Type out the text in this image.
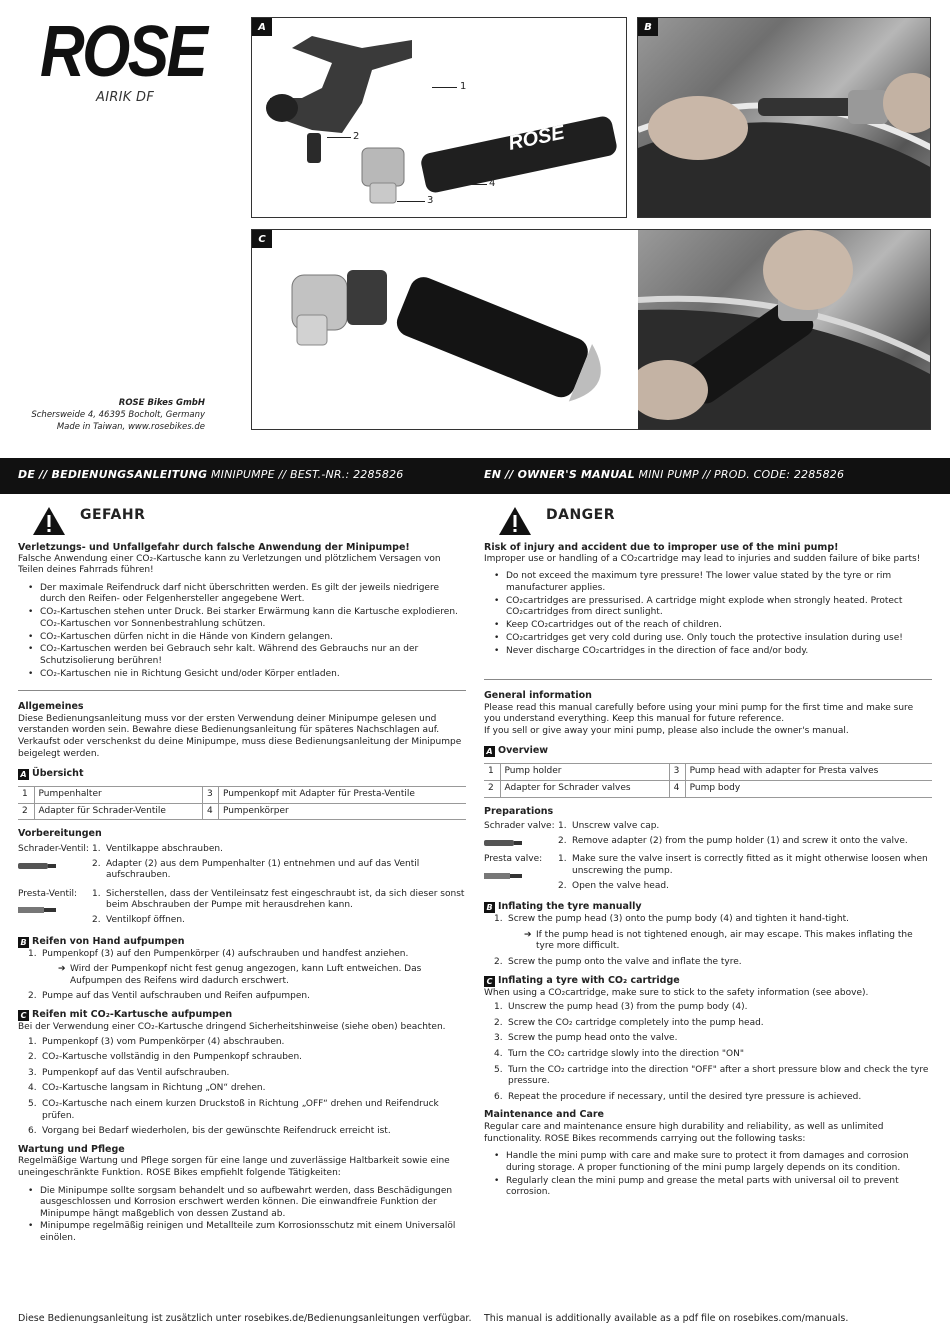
ROSE
AIRIK DF
ROSE Bikes GmbH
Schersweide 4, 46395 Bocholt, Germany
Made in Taiwan, www.rosebikes.de
A
ROSE
1
2
3
4
B
C
DE // BEDIENUNGSANLEITUNG MINIPUMPE // BEST.-NR.: 2285826	EN // OWNER'S MANUAL MINI PUMP // PROD. CODE: 2285826
GEFAHR
Verletzungs- und Unfallgefahr durch falsche Anwendung der Minipumpe!
Falsche Anwendung einer CO₂-Kartusche kann zu Verletzungen und plötzlichem Versagen von Teilen deines Fahrrads führen!
• Der maximale Reifendruck darf nicht überschritten werden. Es gilt der jeweils niedrigere durch den Reifen- oder Felgenhersteller angegebene Wert.
• CO₂-Kartuschen stehen unter Druck. Bei starker Erwärmung kann die Kartusche explodieren. CO₂-Kartuschen vor Sonnenbestrahlung schützen.
• CO₂-Kartuschen dürfen nicht in die Hände von Kindern gelangen.
• CO₂-Kartuschen werden bei Gebrauch sehr kalt. Während des Gebrauchs nur an der Schutzisolierung berühren!
• CO₂-Kartuschen nie in Richtung Gesicht und/oder Körper entladen.
Allgemeines
Diese Bedienungsanleitung muss vor der ersten Verwendung deiner Minipumpe gelesen und verstanden worden sein. Bewahre diese Bedienungsanleitung für späteres Nachschlagen auf. Verkaufst oder verschenkst du deine Minipumpe, muss diese Bedienungsanleitung der Minipumpe beigelegt werden.
A Übersicht
1	Pumpenhalter	3	Pumpenkopf mit Adapter für Presta-Ventile
2	Adapter für Schrader-Ventile	4	Pumpenkörper
Vorbereitungen
Schrader-Ventil: 1. Ventilkappe abschrauben.
2. Adapter (2) aus dem Pumpenhalter (1) entnehmen und auf das Ventil aufschrauben.
Presta-Ventil:	1. Sicherstellen, dass der Ventileinsatz fest eingeschraubt ist, da sich dieser sonst beim Abschrauben der Pumpe mit herausdrehen kann.
2. Ventilkopf öffnen.
B Reifen von Hand aufpumpen
1. Pumpenkopf (3) auf den Pumpenkörper (4) aufschrauben und handfest anziehen.
➔ Wird der Pumpenkopf nicht fest genug angezogen, kann Luft entweichen. Das Aufpumpen des Reifens wird dadurch erschwert.
2. Pumpe auf das Ventil aufschrauben und Reifen aufpumpen.
C Reifen mit CO₂-Kartusche aufpumpen
Bei der Verwendung einer CO₂-Kartusche dringend Sicherheitshinweise (siehe oben) beachten.
1. Pumpenkopf (3) vom Pumpenkörper (4) abschrauben.
2. CO₂-Kartusche vollständig in den Pumpenkopf schrauben.
3. Pumpenkopf auf das Ventil aufschrauben.
4. CO₂-Kartusche langsam in Richtung „ON“ drehen.
5. CO₂-Kartusche nach einem kurzen Druckstoß in Richtung „OFF“ drehen und Reifendruck prüfen.
6. Vorgang bei Bedarf wiederholen, bis der gewünschte Reifendruck erreicht ist.
Wartung und Pflege
Regelmäßige Wartung und Pflege sorgen für eine lange und zuverlässige Haltbarkeit sowie eine uneingeschränkte Funktion. ROSE Bikes empfiehlt folgende Tätigkeiten:
• Die Minipumpe sollte sorgsam behandelt und so aufbewahrt werden, dass Beschädigungen ausgeschlossen und Korrosion erschwert werden können. Die einwandfreie Funktion der Minipumpe hängt maßgeblich von dessen Zustand ab.
• Minipumpe regelmäßig reinigen und Metallteile zum Korrosionsschutz mit einem Universalöl einölen.
DANGER
Risk of injury and accident due to improper use of the mini pump!
Improper use or handling of a CO₂cartridge may lead to injuries and sudden failure of bike parts!
• Do not exceed the maximum tyre pressure! The lower value stated by the tyre or rim manufacturer applies.
• CO₂cartridges are pressurised. A cartridge might explode when strongly heated. Protect CO₂cartridges from direct sunlight.
• Keep CO₂cartridges out of the reach of children.
• CO₂cartridges get very cold during use. Only touch the protective insulation during use!
• Never discharge CO₂cartridges in the direction of face and/or body.
General information
Please read this manual carefully before using your mini pump for the first time and make sure you understand everything. Keep this manual for future reference.
If you sell or give away your mini pump, please also include the owner's manual.
A Overview
1	Pump holder	3	Pump head with adapter for Presta valves
2	Adapter for Schrader valves	4	Pump body
Preparations
Schrader valve: 1. Unscrew valve cap.
2. Remove adapter (2) from the pump holder (1) and screw it onto the valve.
Presta valve:	1. Make sure the valve insert is correctly fitted as it might otherwise loosen when unscrewing the pump.
2. Open the valve head.
B Inflating the tyre manually
1. Screw the pump head (3) onto the pump body (4) and tighten it hand-tight.
➔ If the pump head is not tightened enough, air may escape. This makes inflating the tyre more difficult.
2. Screw the pump onto the valve and inflate the tyre.
C Inflating a tyre with CO₂ cartridge
When using a CO₂cartridge, make sure to stick to the safety information (see above).
1. Unscrew the pump head (3) from the pump body (4).
2. Screw the CO₂ cartridge completely into the pump head.
3. Screw the pump head onto the valve.
4. Turn the CO₂ cartridge slowly into the direction "ON"
5. Turn the CO₂ cartridge into the direction "OFF" after a short pressure blow and check the tyre pressure.
6. Repeat the procedure if necessary, until the desired tyre pressure is achieved.
Maintenance and Care
Regular care and maintenance ensure high durability and reliability, as well as unlimited functionality. ROSE Bikes recommends carrying out the following tasks:
• Handle the mini pump with care and make sure to protect it from damages and corrosion during storage. A proper functioning of the mini pump largely depends on its condition.
• Regularly clean the mini pump and grease the metal parts with universal oil to prevent corrosion.
Diese Bedienungsanleitung ist zusätzlich unter rosebikes.de/Bedienungsanleitungen verfügbar. This manual is additionally available as a pdf file on rosebikes.com/manuals.
